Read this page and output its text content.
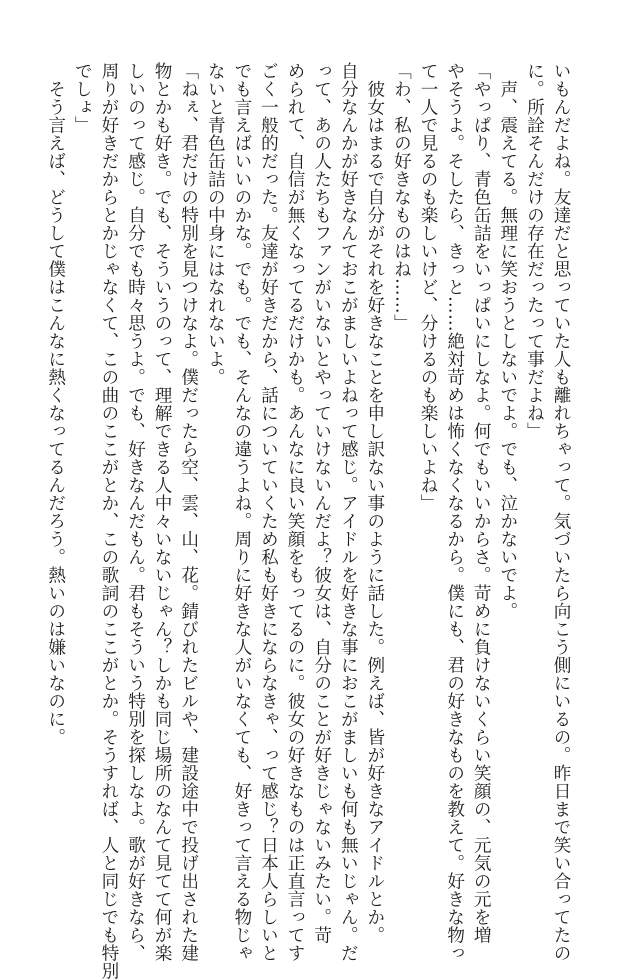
いもんだよね。友達だと思っていた人も離れちゃって。気づいたら向こう側にいるの。昨日まで笑い合ってたの
に。所詮そんだけの存在だったって事だよね」
声、震えてる。無理に笑おうとしないでよ。でも、泣かないでよ。
「やっぱり、青色缶詰をいっぱいにしなよ。何でもいいからさ。苛めに負けないくらい笑顔の、元気の元を増
やそうよ。そしたら、きっと……絶対苛めは怖くなくなるから。僕にも、君の好きなものを教えて。好きな物っ
て一人で見るのも楽しいけど、分けるのも楽しいよね」
「わ、私の好きなものはね……」
彼女はまるで自分がそれを好きなことを申し訳ない事のように話した。例えば、皆が好きなアイドルとか。
自分なんかが好きなんておこがましいよねって感じ。アイドルを好きな事におこがましいも何も無いじゃん。だ
って、あの人たちもファンがいないとやっていけないんだよ？彼女は、自分のことが好きじゃないみたい。苛
められて、自信が無くなってるだけかも。あんなに良い笑顔をもってるのに。彼女の好きなものは正直言ってす
ごく一般的だった。友達が好きだから、話についていくため私も好きにならなきゃ、って感じ？日本人らしいと
でも言えばいいのかな。でも。でも、そんなの違うよね。周りに好きな人がいなくても、好きって言える物じゃ
ないと青色缶詰の中身にはなれないよ。
「ねぇ、君だけの特別を見つけなよ。僕だったら空、雲、山、花。錆びれたビルや、建設途中で投げ出された建
物とかも好き。でも、そういうのって、理解できる人中々いないじゃん？しかも同じ場所のなんて見てて何が楽
しいのって感じ。自分でも時々思うよ。でも、好きなんだもん。君もそういう特別を探しなよ。歌が好きなら、
周りが好きだからとかじゃなくて、この曲のここがとか、この歌詞のここがとか。そうすれば、人と同じでも特別
でしょ」
そう言えば、どうして僕はこんなに熱くなってるんだろう。熱いのは嫌いなのに。
